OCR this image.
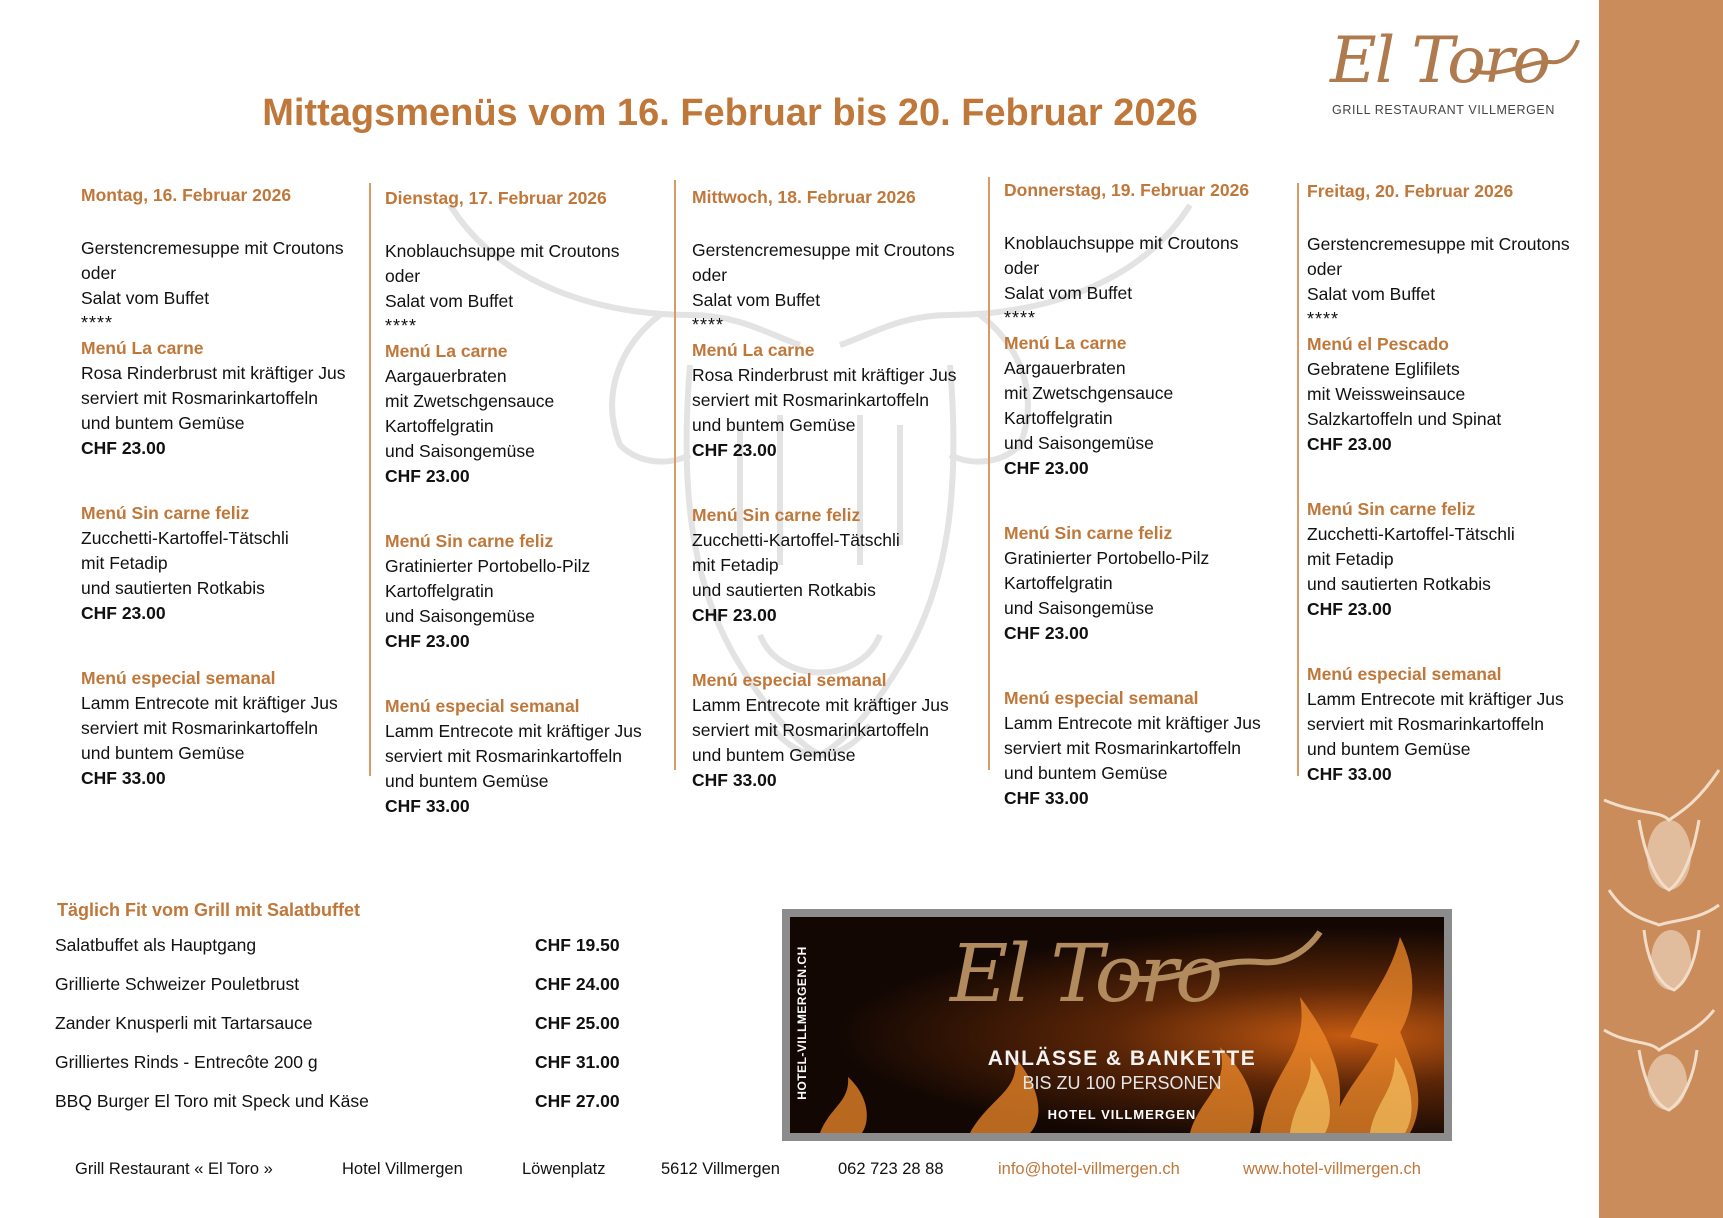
El Toro
GRILL RESTAURANT VILLMERGEN
Mittagsmenüs vom 16. Februar bis 20. Februar 2026
Montag, 16. Februar 2026
Gerstencremesuppe mit Croutons
oder
Salat vom Buffet
****
Menú La carne
Rosa Rinderbrust mit kräftiger Jus
serviert mit Rosmarinkartoffeln
und buntem Gemüse
CHF 23.00
Menú Sin carne feliz
Zucchetti-Kartoffel-Tätschli
mit Fetadip
und sautierten Rotkabis
CHF 23.00
Menú especial semanal
Lamm Entrecote mit kräftiger Jus
serviert mit Rosmarinkartoffeln
und buntem Gemüse
CHF 33.00
Dienstag, 17. Februar 2026
Knoblauchsuppe mit Croutons
oder
Salat vom Buffet
****
Menú La carne
Aargauerbraten
mit Zwetschgensauce
Kartoffelgratin
und Saisongemüse
CHF 23.00
Menú Sin carne feliz
Gratinierter Portobello-Pilz
Kartoffelgratin
und Saisongemüse
CHF 23.00
Menú especial semanal
Lamm Entrecote mit kräftiger Jus
serviert mit Rosmarinkartoffeln
und buntem Gemüse
CHF 33.00
Mittwoch, 18. Februar 2026
Gerstencremesuppe mit Croutons
oder
Salat vom Buffet
****
Menú La carne
Rosa Rinderbrust mit kräftiger Jus
serviert mit Rosmarinkartoffeln
und buntem Gemüse
CHF 23.00
Menú Sin carne feliz
Zucchetti-Kartoffel-Tätschli
mit Fetadip
und sautierten Rotkabis
CHF 23.00
Menú especial semanal
Lamm Entrecote mit kräftiger Jus
serviert mit Rosmarinkartoffeln
und buntem Gemüse
CHF 33.00
Donnerstag, 19. Februar 2026
Knoblauchsuppe mit Croutons
oder
Salat vom Buffet
****
Menú La carne
Aargauerbraten
mit Zwetschgensauce
Kartoffelgratin
und Saisongemüse
CHF 23.00
Menú Sin carne feliz
Gratinierter Portobello-Pilz
Kartoffelgratin
und Saisongemüse
CHF 23.00
Menú especial semanal
Lamm Entrecote mit kräftiger Jus
serviert mit Rosmarinkartoffeln
und buntem Gemüse
CHF 33.00
Freitag, 20. Februar 2026
Gerstencremesuppe mit Croutons
oder
Salat vom Buffet
****
Menú el Pescado
Gebratene Eglifilets
mit Weissweinsauce
Salzkartoffeln und Spinat
CHF 23.00
Menú Sin carne feliz
Zucchetti-Kartoffel-Tätschli
mit Fetadip
und sautierten Rotkabis
CHF 23.00
Menú especial semanal
Lamm Entrecote mit kräftiger Jus
serviert mit Rosmarinkartoffeln
und buntem Gemüse
CHF 33.00
Täglich Fit vom Grill mit Salatbuffet
Salatbuffet als Hauptgang	CHF 19.50
Grillierte Schweizer Pouletbrust	CHF 24.00
Zander Knusperli mit Tartarsauce	CHF 25.00
Grilliertes Rinds - Entrecôte 200 g	CHF 31.00
BBQ Burger El Toro mit Speck und Käse	CHF 27.00
El Toro
ANLÄSSE & BANKETTE
BIS ZU 100 PERSONEN
HOTEL VILLMERGEN
HOTEL-VILLMERGEN.CH
Grill Restaurant « El Toro »	Hotel Villmergen	Löwenplatz	5612 Villmergen	062 723 28 88	info@hotel-villmergen.ch	www.hotel-villmergen.ch
